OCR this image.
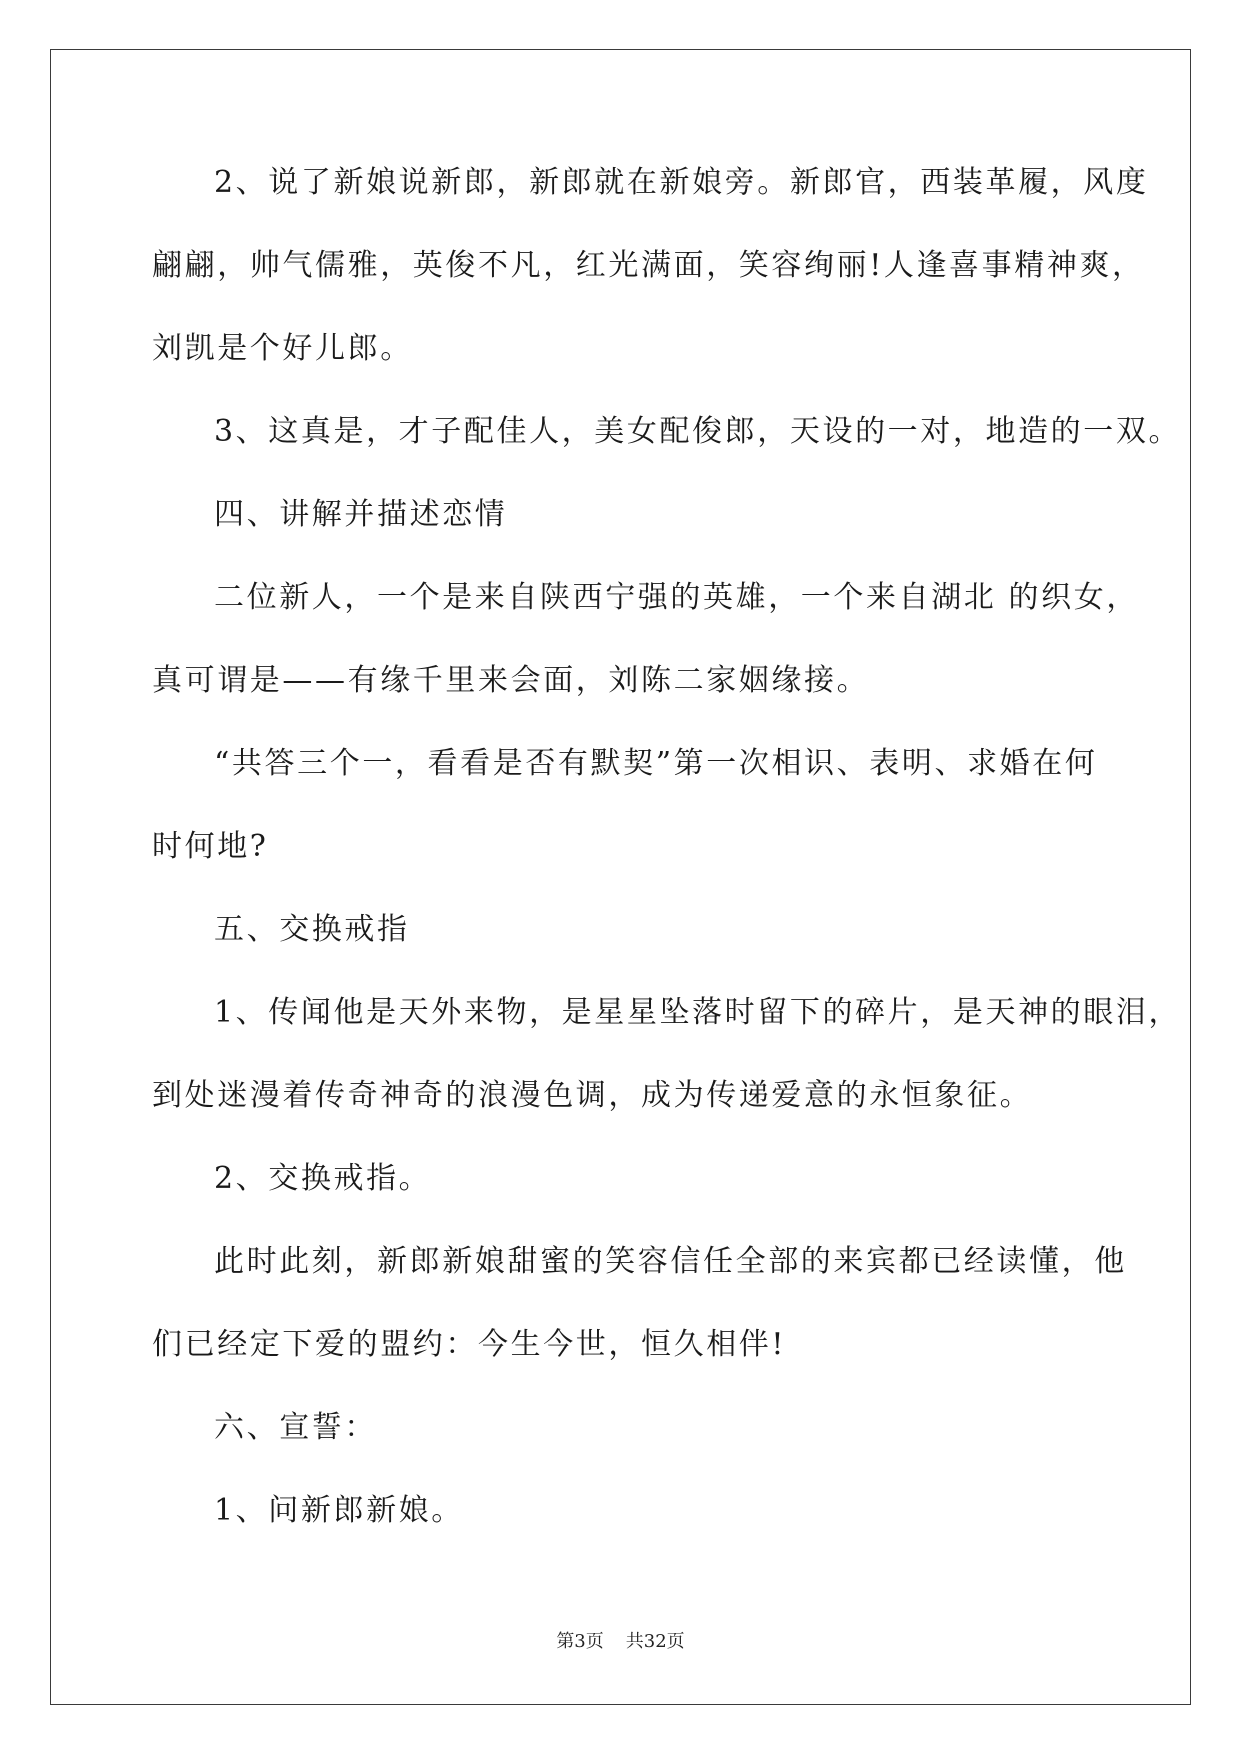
2、说了新娘说新郎，新郎就在新娘旁。新郎官，西装革履，风度
翩翩，帅气儒雅，英俊不凡，红光满面，笑容绚丽!人逢喜事精神爽，
刘凯是个好儿郎。
3、这真是，才子配佳人，美女配俊郎，天设的一对，地造的一双。
四、讲解并描述恋情
二位新人，一个是来自陕西宁强的英雄，一个来自湖北 的织女，
真可谓是——有缘千里来会面，刘陈二家姻缘接。
“共答三个一，看看是否有默契”第一次相识、表明、求婚在何
时何地?
五、交换戒指
1、传闻他是天外来物，是星星坠落时留下的碎片，是天神的眼泪，
到处迷漫着传奇神奇的浪漫色调，成为传递爱意的永恒象征。
2、交换戒指。
此时此刻，新郎新娘甜蜜的笑容信任全部的来宾都已经读懂，他
们已经定下爱的盟约：今生今世，恒久相伴!
六、宣誓：
1、问新郎新娘。
第3页 共32页
